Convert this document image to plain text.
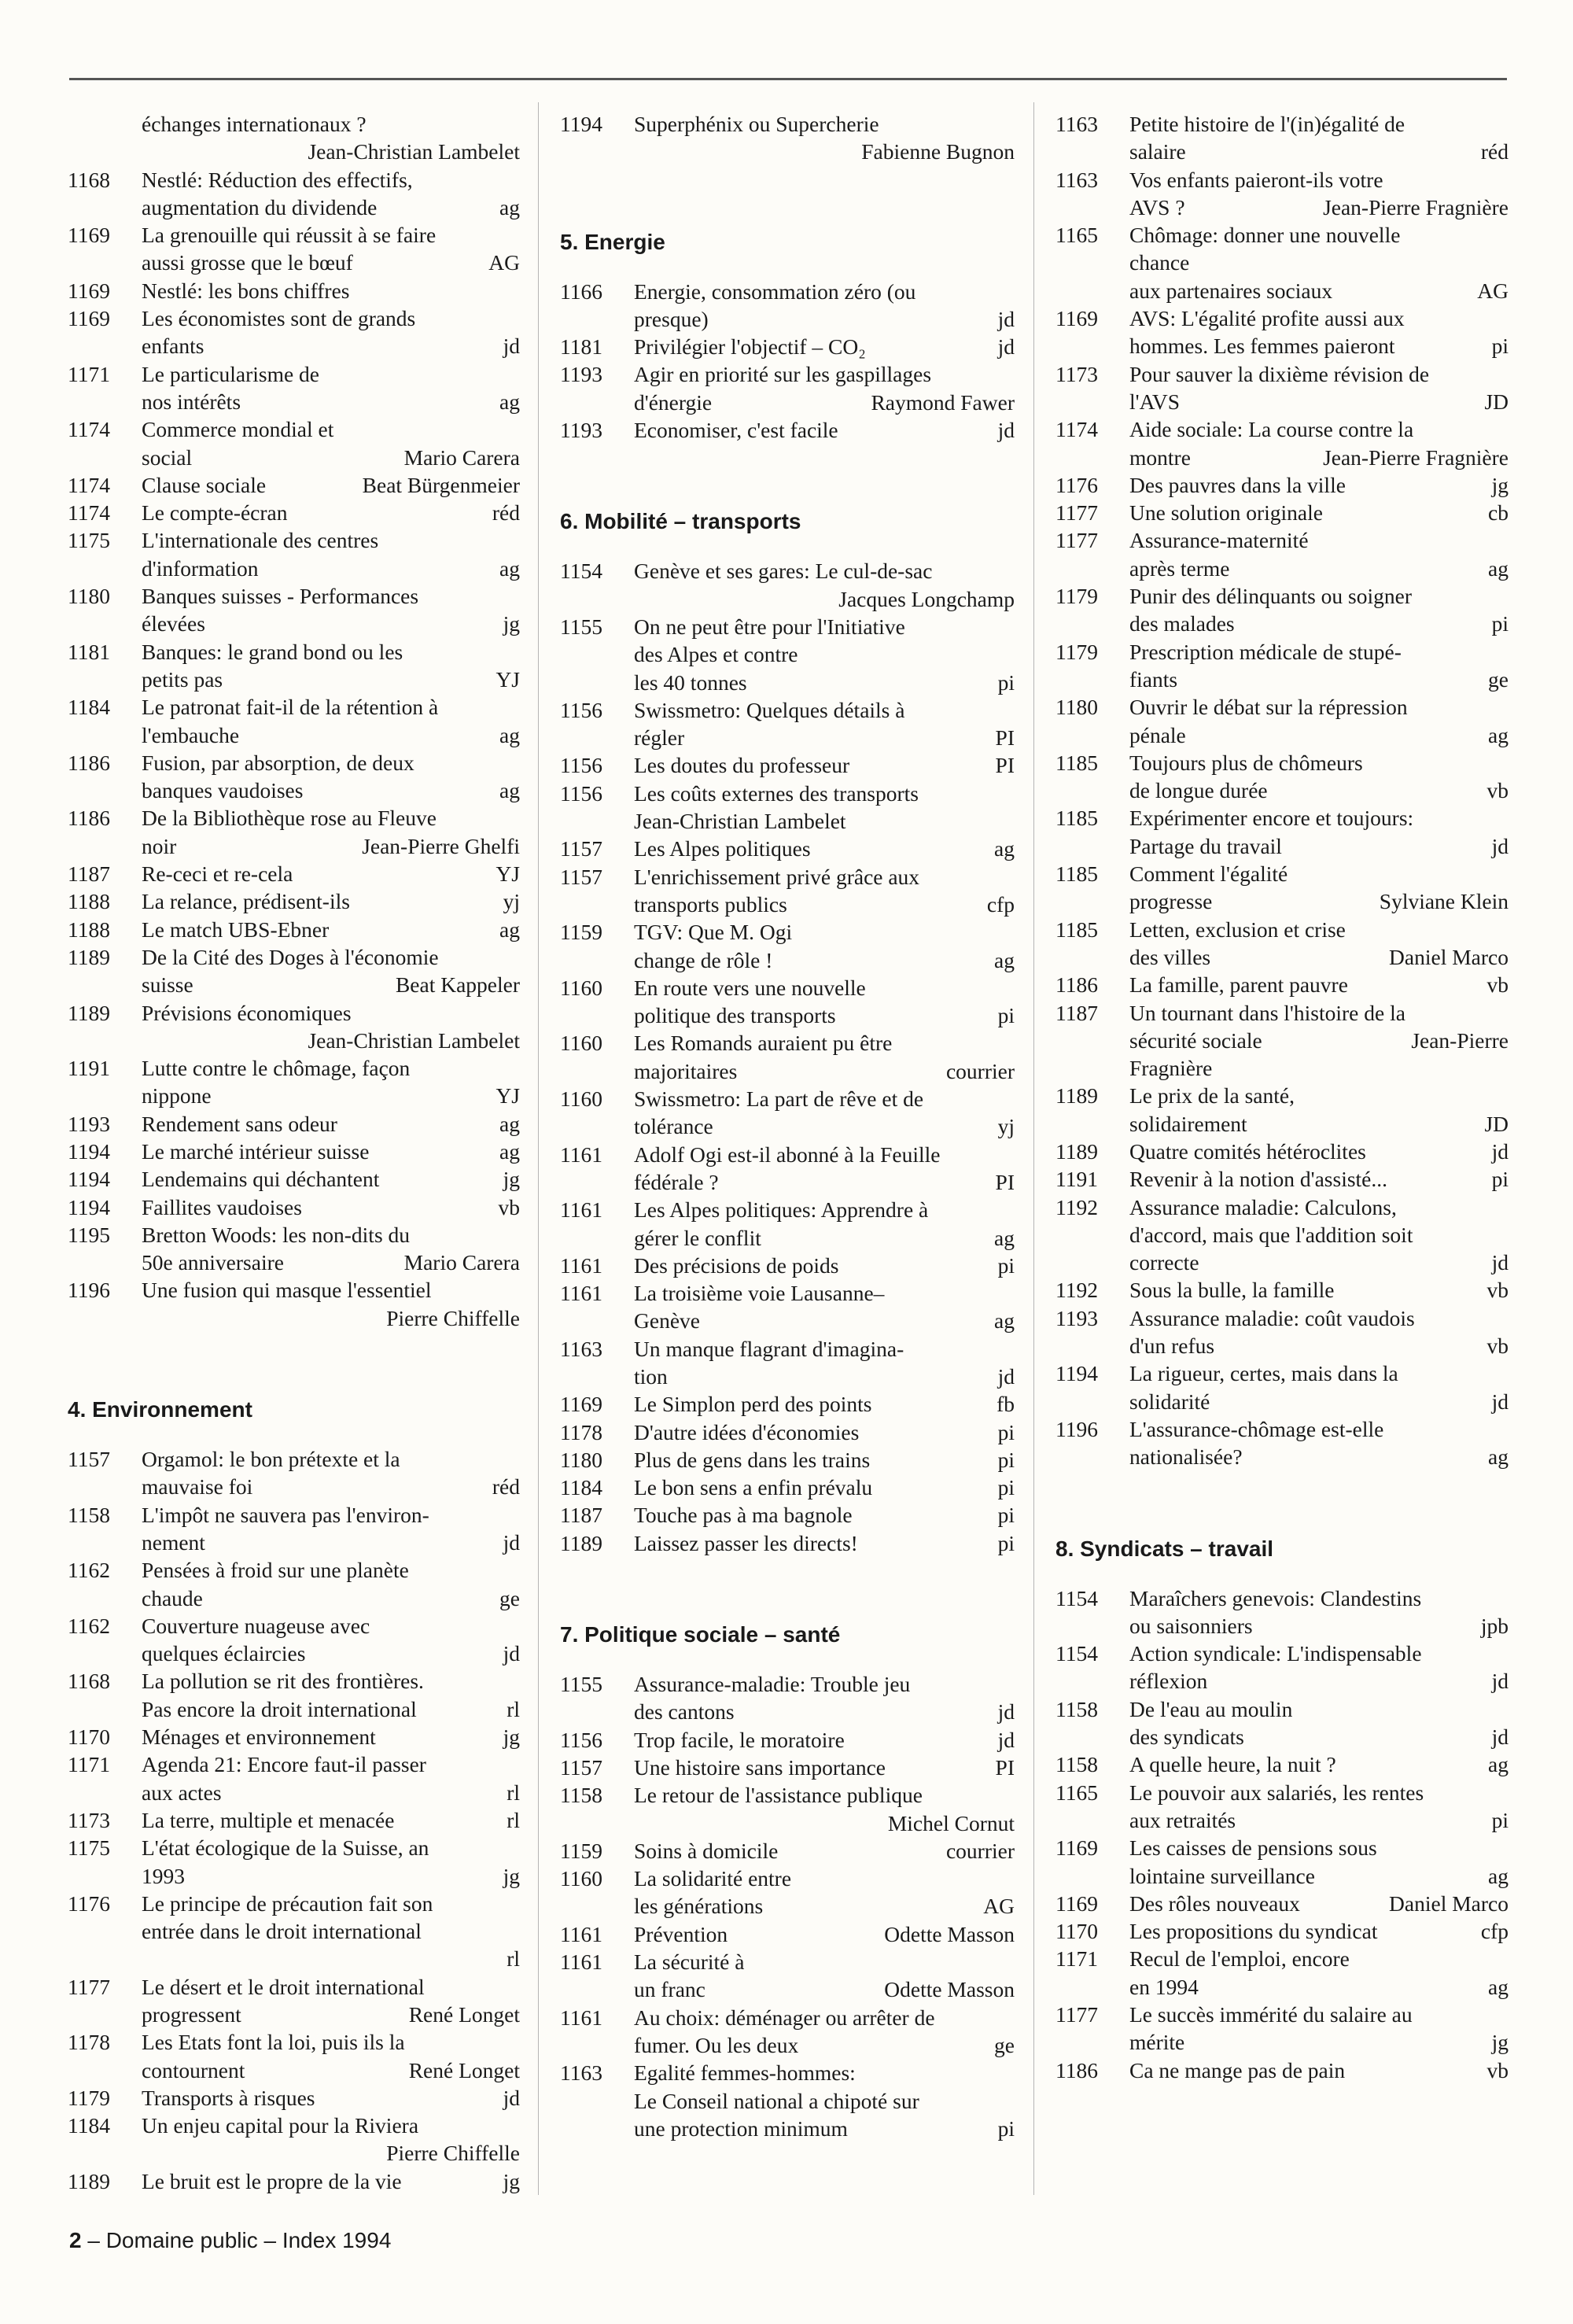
échanges internationaux ?
Jean-Christian Lambelet
1168	Nestlé: Réduction des effectifs,
augmentation du dividende	ag
1169	La grenouille qui réussit à se faire
aussi grosse que le bœuf	AG
1169	Nestlé: les bons chiffres
1169	Les économistes sont de grands
enfants	jd
1171	Le particularisme de
nos intérêts	ag
1174	Commerce mondial et
social	Mario Carera
1174	Clause sociale	Beat Bürgenmeier
1174	Le compte-écran	réd
1175	L'internationale des centres
d'information	ag
1180	Banques suisses - Performances
élevées	jg
1181	Banques: le grand bond ou les
petits pas	YJ
1184	Le patronat fait-il de la rétention à
l'embauche	ag
1186	Fusion, par absorption, de deux
banques vaudoises	ag
1186	De la Bibliothèque rose au Fleuve
noir	Jean-Pierre Ghelfi
1187	Re-ceci et re-cela	YJ
1188	La relance, prédisent-ils	yj
1188	Le match UBS-Ebner	ag
1189	De la Cité des Doges à l'économie
suisse	Beat Kappeler
1189	Prévisions économiques
Jean-Christian Lambelet
1191	Lutte contre le chômage, façon
nippone	YJ
1193	Rendement sans odeur	ag
1194	Le marché intérieur suisse	ag
1194	Lendemains qui déchantent	jg
1194	Faillites vaudoises	vb
1195	Bretton Woods: les non-dits du
50e anniversaire	Mario Carera
1196	Une fusion qui masque l'essentiel
Pierre Chiffelle
4. Environnement
1157	Orgamol: le bon prétexte et la
mauvaise foi	réd
1158	L'impôt ne sauvera pas l'environ-
nement	jd
1162	Pensées à froid sur une planète
chaude	ge
1162	Couverture nuageuse avec
quelques éclaircies	jd
1168	La pollution se rit des frontières.
Pas encore la droit international	rl
1170	Ménages et environnement	jg
1171	Agenda 21: Encore faut-il passer
aux actes	rl
1173	La terre, multiple et menacée	rl
1175	L'état écologique de la Suisse, an
1993	jg
1176	Le principe de précaution fait son
entrée dans le droit international
rl
1177	Le désert et le droit international
progressent	René Longet
1178	Les Etats font la loi, puis ils la
contournent	René Longet
1179	Transports à risques	jd
1184	Un enjeu capital pour la Riviera
Pierre Chiffelle
1189	Le bruit est le propre de la vie	jg
1194	Superphénix ou Supercherie
Fabienne Bugnon
5. Energie
1166	Energie, consommation zéro (ou
presque)	jd
1181	Privilégier l'objectif – CO₂	jd
1193	Agir en priorité sur les gaspillages
d'énergie	Raymond Fawer
1193	Economiser, c'est facile	jd
6. Mobilité – transports
1154	Genève et ses gares: Le cul-de-sac
Jacques Longchamp
1155	On ne peut être pour l'Initiative
des Alpes et contre
les 40 tonnes	pi
1156	Swissmetro: Quelques détails à
régler	PI
1156	Les doutes du professeur	PI
1156	Les coûts externes des transports
Jean-Christian Lambelet
1157	Les Alpes politiques	ag
1157	L'enrichissement privé grâce aux
transports publics	cfp
1159	TGV: Que M. Ogi
change de rôle !	ag
1160	En route vers une nouvelle
politique des transports	pi
1160	Les Romands auraient pu être
majoritaires	courrier
1160	Swissmetro: La part de rêve et de
tolérance	yj
1161	Adolf Ogi est-il abonné à la Feuille
fédérale ?	PI
1161	Les Alpes politiques: Apprendre à
gérer le conflit	ag
1161	Des précisions de poids	pi
1161	La troisième voie Lausanne–
Genève	ag
1163	Un manque flagrant d'imagina-
tion	jd
1169	Le Simplon perd des points	fb
1178	D'autre idées d'économies	pi
1180	Plus de gens dans les trains	pi
1184	Le bon sens a enfin prévalu	pi
1187	Touche pas à ma bagnole	pi
1189	Laissez passer les directs!	pi
7. Politique sociale – santé
1155	Assurance-maladie: Trouble jeu
des cantons	jd
1156	Trop facile, le moratoire	jd
1157	Une histoire sans importance	PI
1158	Le retour de l'assistance publique
Michel Cornut
1159	Soins à domicile	courrier
1160	La solidarité entre
les générations	AG
1161	Prévention	Odette Masson
1161	La sécurité à
un franc	Odette Masson
1161	Au choix: déménager ou arrêter de
fumer. Ou les deux	ge
1163	Egalité femmes-hommes:
Le Conseil national a chipoté sur
une protection minimum	pi
1163	Petite histoire de l'(in)égalité de
salaire	réd
1163	Vos enfants paieront-ils votre
AVS ?	Jean-Pierre Fragnière
1165	Chômage: donner une nouvelle
chance
aux partenaires sociaux	AG
1169	AVS: L'égalité profite aussi aux
hommes. Les femmes paieront	pi
1173	Pour sauver la dixième révision de
l'AVS	JD
1174	Aide sociale: La course contre la
montre	Jean-Pierre Fragnière
1176	Des pauvres dans la ville	jg
1177	Une solution originale	cb
1177	Assurance-maternité
après terme	ag
1179	Punir des délinquants ou soigner
des malades	pi
1179	Prescription médicale de stupé-
fiants	ge
1180	Ouvrir le débat sur la répression
pénale	ag
1185	Toujours plus de chômeurs
de longue durée	vb
1185	Expérimenter encore et toujours:
Partage du travail	jd
1185	Comment l'égalité
progresse	Sylviane Klein
1185	Letten, exclusion et crise
des villes	Daniel Marco
1186	La famille, parent pauvre	vb
1187	Un tournant dans l'histoire de la
sécurité sociale	Jean-Pierre
Fragnière
1189	Le prix de la santé,
solidairement	JD
1189	Quatre comités hétéroclites	jd
1191	Revenir à la notion d'assisté...	pi
1192	Assurance maladie: Calculons,
d'accord, mais que l'addition soit
correcte	jd
1192	Sous la bulle, la famille	vb
1193	Assurance maladie: coût vaudois
d'un refus	vb
1194	La rigueur, certes, mais dans la
solidarité	jd
1196	L'assurance-chômage est-elle
nationalisée?	ag
8. Syndicats – travail
1154	Maraîchers genevois: Clandestins
ou saisonniers	jpb
1154	Action syndicale: L'indispensable
réflexion	jd
1158	De l'eau au moulin
des syndicats	jd
1158	A quelle heure, la nuit ?	ag
1165	Le pouvoir aux salariés, les rentes
aux retraités	pi
1169	Les caisses de pensions sous
lointaine surveillance	ag
1169	Des rôles nouveaux	Daniel Marco
1170	Les propositions du syndicat	cfp
1171	Recul de l'emploi, encore
en 1994	ag
1177	Le succès immérité du salaire au
mérite	jg
1186	Ca ne mange pas de pain	vb
2 – Domaine public – Index 1994
